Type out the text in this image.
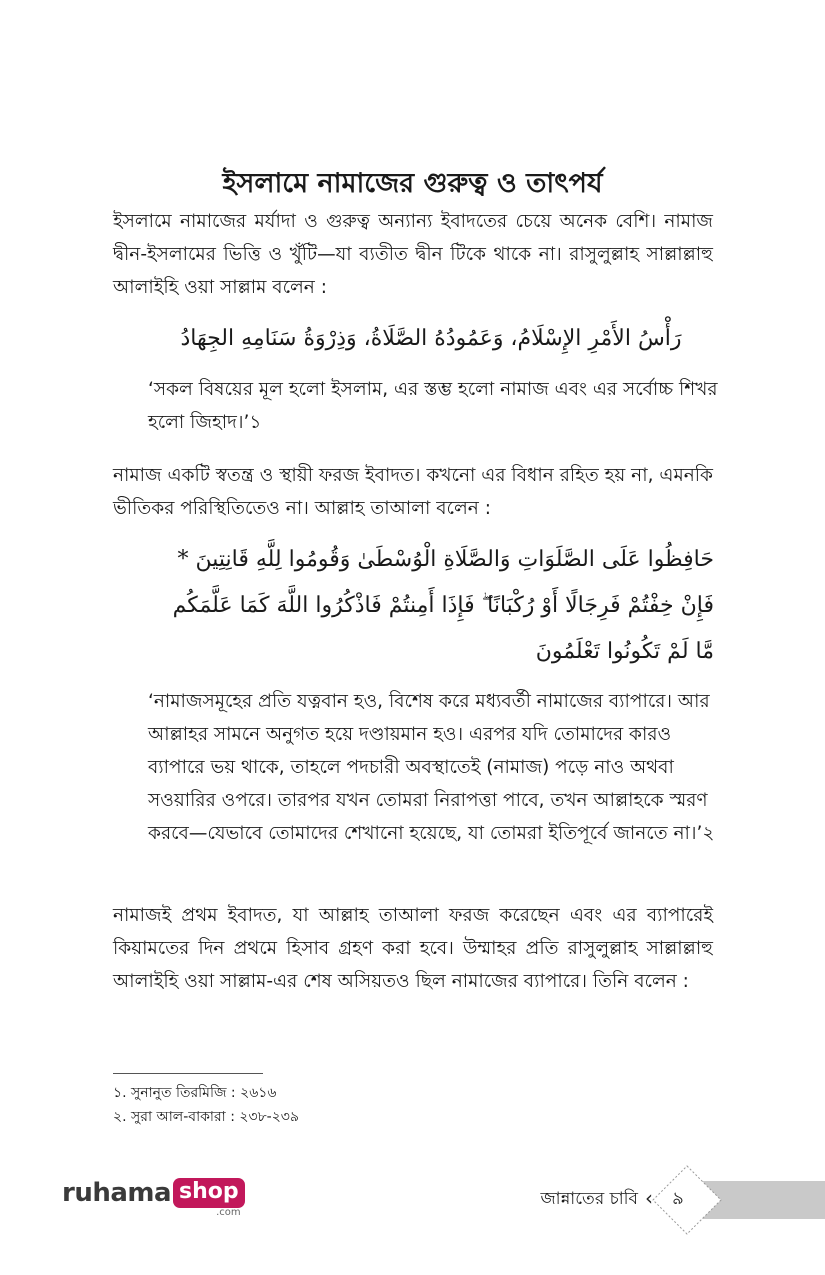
ইসলামে নামাজের গুরুত্ব ও তাৎপর্য

ইসলামে নামাজের মর্যাদা ও গুরুত্ব অন্যান্য ইবাদতের চেয়ে অনেক বেশি। নামাজ দ্বীন-ইসলামের ভিত্তি ও খুঁটি—যা ব্যতীত দ্বীন টিকে থাকে না। রাসুলুল্লাহ সাল্লাল্লাহু আলাইহি ওয়া সাল্লাম বলেন :

رَأْسُ الأَمْرِ الإِسْلَامُ، وَعَمُودُهُ الصَّلَاةُ، وَذِرْوَةُ سَنَامِهِ الجِهَادُ

‘সকল বিষয়ের মূল হলো ইসলাম, এর স্তম্ভ হলো নামাজ এবং এর সর্বোচ্চ শিখর হলো জিহাদ।’১

নামাজ একটি স্বতন্ত্র ও স্থায়ী ফরজ ইবাদত। কখনো এর বিধান রহিত হয় না, এমনকি ভীতিকর পরিস্থিতিতেও না। আল্লাহ তাআলা বলেন :

حَافِظُوا عَلَى الصَّلَوَاتِ وَالصَّلَاةِ الْوُسْطَىٰ وَقُومُوا لِلَّهِ قَانِتِينَ * فَإِنْ خِفْتُمْ فَرِجَالًا أَوْ رُكْبَانًا ۖ فَإِذَا أَمِنتُمْ فَاذْكُرُوا اللَّهَ كَمَا عَلَّمَكُم مَّا لَمْ تَكُونُوا تَعْلَمُونَ

‘নামাজসমূহের প্রতি যত্নবান হও, বিশেষ করে মধ্যবর্তী নামাজের ব্যাপারে। আর আল্লাহর সামনে অনুগত হয়ে দণ্ডায়মান হও। এরপর যদি তোমাদের কারও ব্যাপারে ভয় থাকে, তাহলে পদচারী অবস্থাতেই (নামাজ) পড়ে নাও অথবা সওয়ারির ওপরে। তারপর যখন তোমরা নিরাপত্তা পাবে, তখন আল্লাহকে স্মরণ করবে—যেভাবে তোমাদের শেখানো হয়েছে, যা তোমরা ইতিপূর্বে জানতে না।’২

নামাজই প্রথম ইবাদত, যা আল্লাহ তাআলা ফরজ করেছেন এবং এর ব্যাপারেই কিয়ামতের দিন প্রথমে হিসাব গ্রহণ করা হবে। উম্মাহর প্রতি রাসুলুল্লাহ সাল্লাল্লাহু আলাইহি ওয়া সাল্লাম-এর শেষ অসিয়তও ছিল নামাজের ব্যাপারে। তিনি বলেন :

১. সুনানুত তিরমিজি : ২৬১৬
২. সুরা আল-বাকারা : ২৩৮-২৩৯
ruhama shop
.com
জান্নাতের চাবি ‹ ৯
